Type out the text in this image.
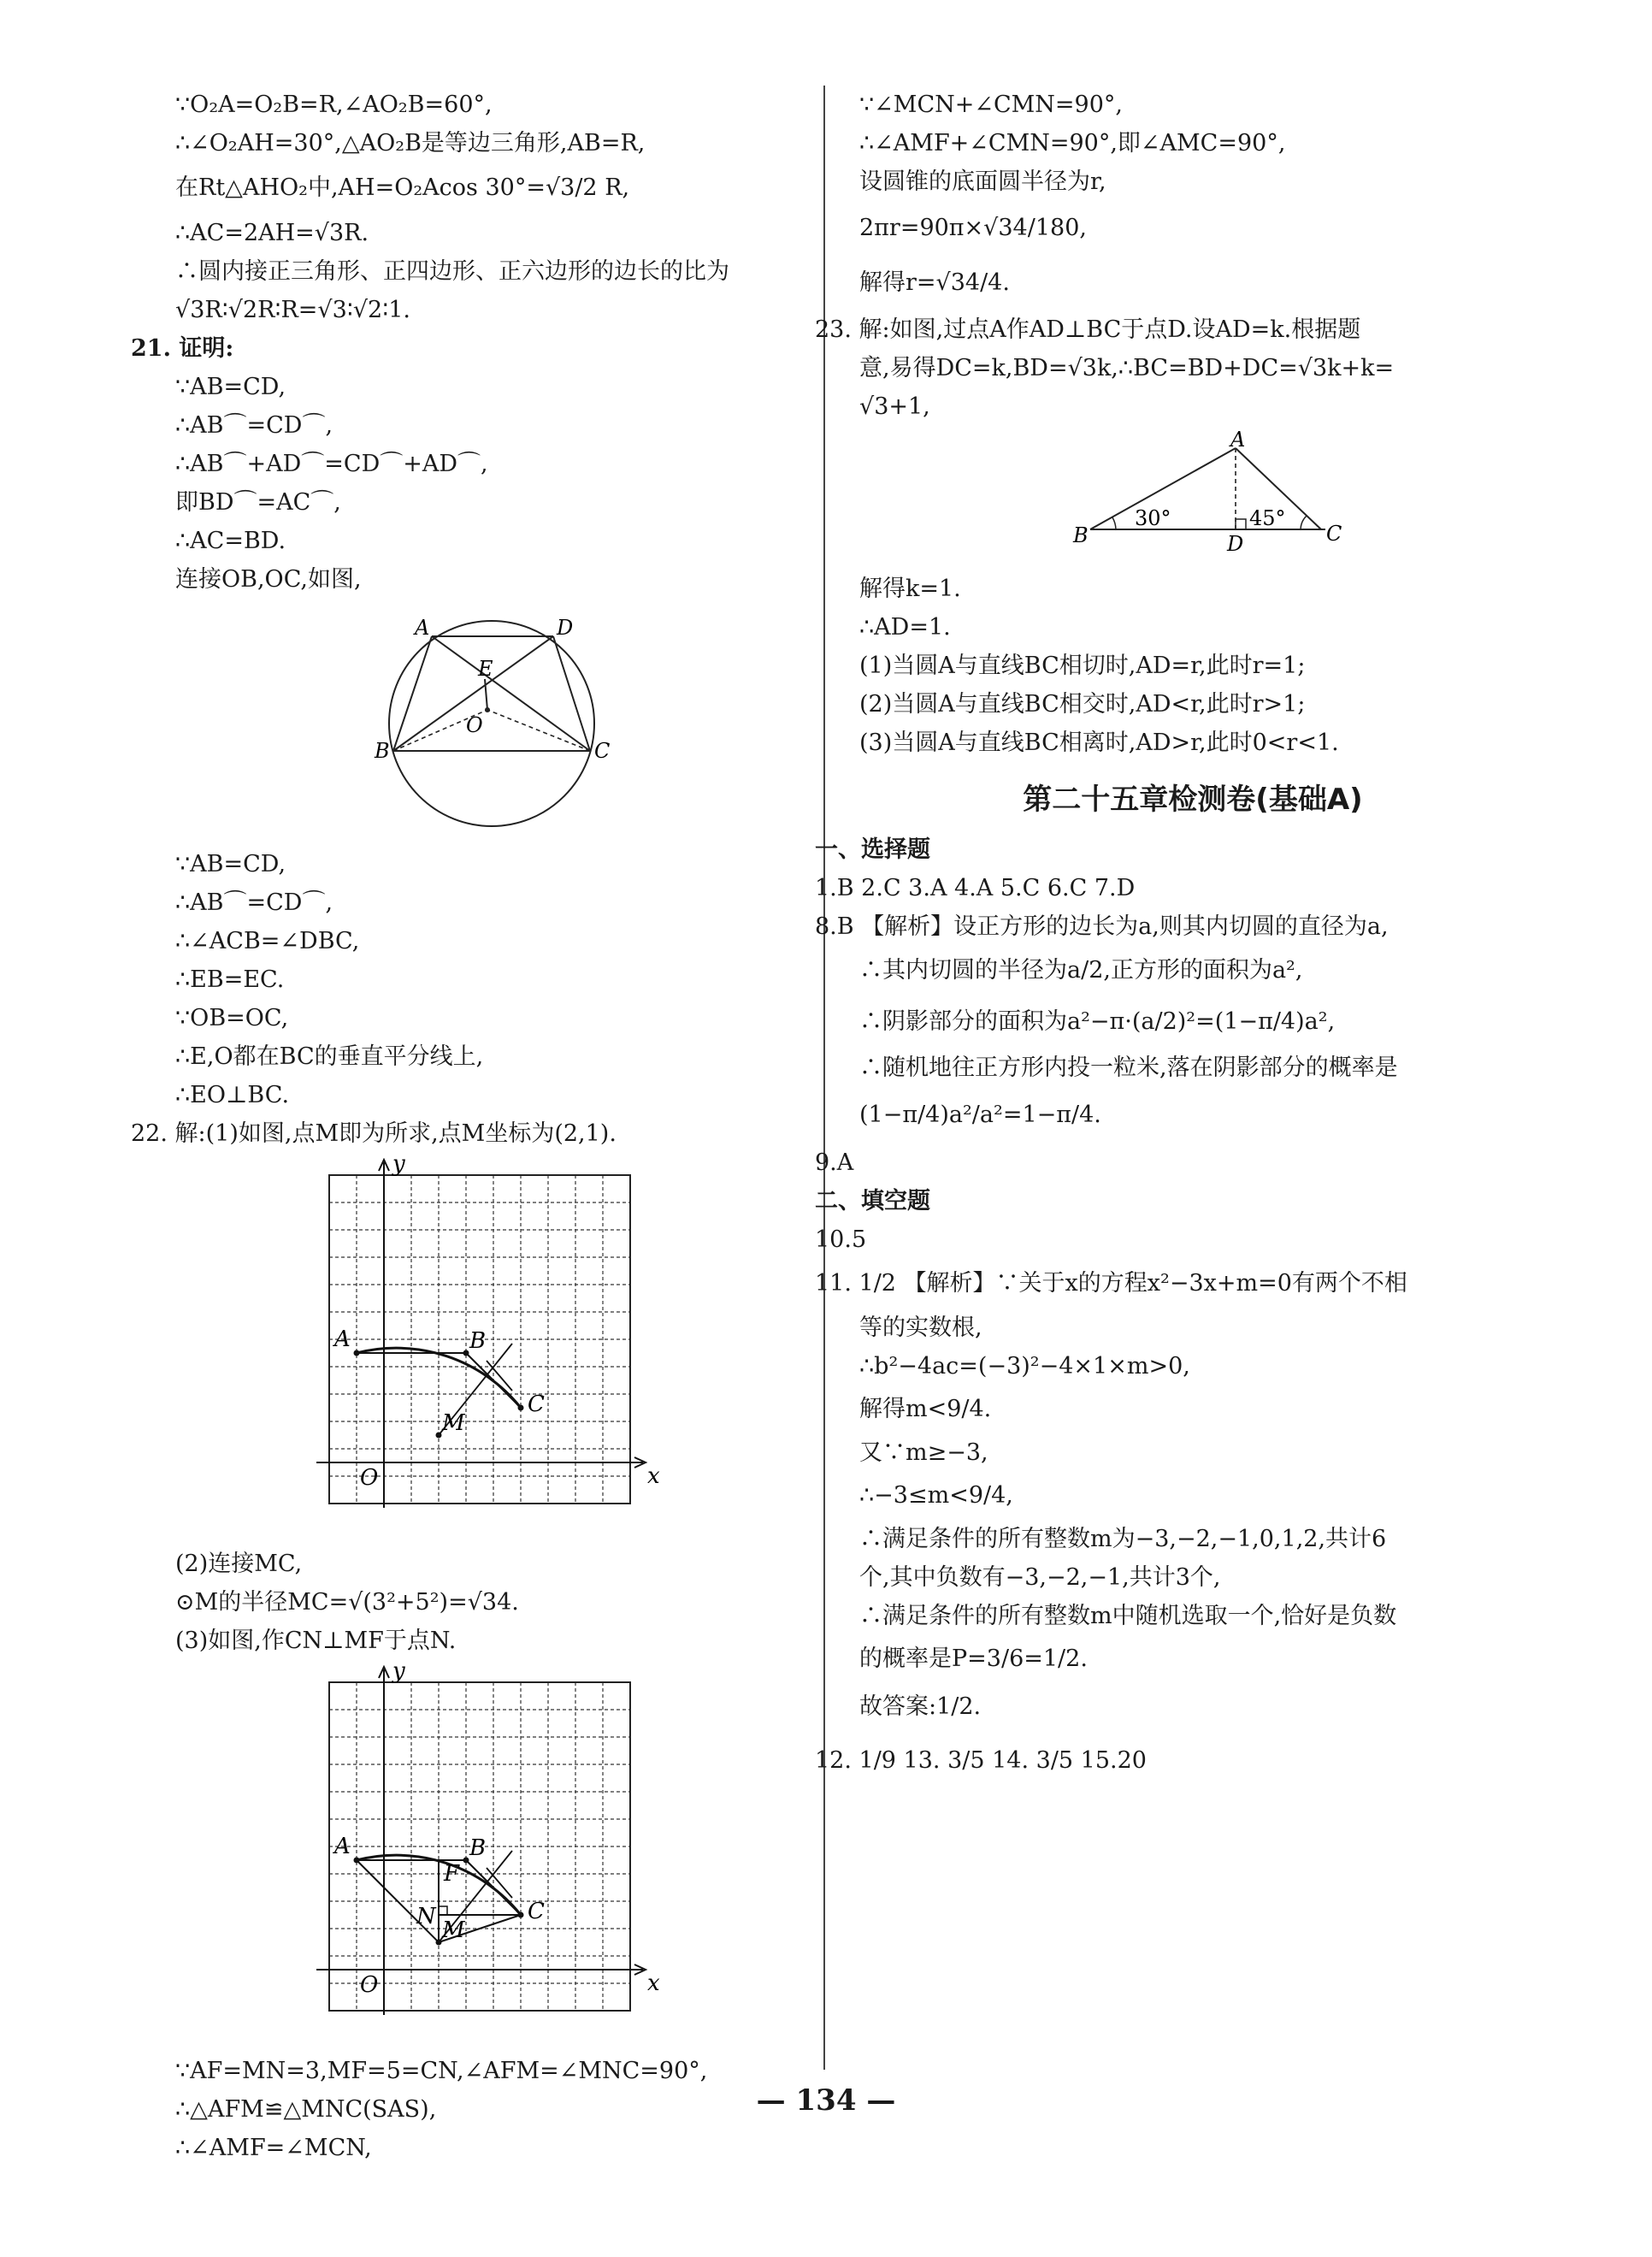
∵O₂A=O₂B=R,∠AO₂B=60°,
∴∠O₂AH=30°,△AO₂B是等边三角形,AB=R,
在Rt△AHO₂中,AH=O₂Acos 30°=√3/2 R,
∴AC=2AH=√3R.
∴圆内接正三角形、正四边形、正六边形的边长的比为
√3R∶√2R∶R=√3∶√2∶1.
21. 证明:
∵AB=CD,
∴AB⌒=CD⌒,
∴AB⌒+AD⌒=CD⌒+AD⌒,
即BD⌒=AC⌒,
∴AC=BD.
连接OB,OC,如图,
A	D
B	C
E
O
∵AB=CD,
∴AB⌒=CD⌒,
∴∠ACB=∠DBC,
∴EB=EC.
∵OB=OC,
∴E,O都在BC的垂直平分线上,
∴EO⊥BC.
22. 解:(1)如图,点M即为所求,点M坐标为(2,1).
y
x
O
A	B
C
M
(2)连接MC,
⊙M的半径MC=√(3²+5²)=√34.
(3)如图,作CN⊥MF于点N.
y
x
O
A	B
C
M
F
N
∵AF=MN=3,MF=5=CN,∠AFM=∠MNC=90°,
∴△AFM≌△MNC(SAS),
∴∠AMF=∠MCN,
∵∠MCN+∠CMN=90°,
∴∠AMF+∠CMN=90°,即∠AMC=90°,
设圆锥的底面圆半径为r,
2πr=90π×√34/180,
解得r=√34/4.
23. 解:如图,过点A作AD⊥BC于点D.设AD=k.根据题
意,易得DC=k,BD=√3k,∴BC=BD+DC=√3k+k=
√3+1,
A
B	C
D
30°	45°
解得k=1.
∴AD=1.
(1)当圆A与直线BC相切时,AD=r,此时r=1;
(2)当圆A与直线BC相交时,AD<r,此时r>1;
(3)当圆A与直线BC相离时,AD>r,此时0<r<1.
第二十五章检测卷(基础A)
一、选择题
1.B 2.C 3.A 4.A 5.C 6.C 7.D
8.B 【解析】设正方形的边长为a,则其内切圆的直径为a,
∴其内切圆的半径为a/2,正方形的面积为a²,
∴阴影部分的面积为a²−π·(a/2)²=(1−π/4)a²,
∴随机地往正方形内投一粒米,落在阴影部分的概率是
(1−π/4)a²/a²=1−π/4.
9.A
二、填空题
10.5
11. 1/2 【解析】∵关于x的方程x²−3x+m=0有两个不相
等的实数根,
∴b²−4ac=(−3)²−4×1×m>0,
解得m<9/4.
又∵m≥−3,
∴−3≤m<9/4,
∴满足条件的所有整数m为−3,−2,−1,0,1,2,共计6
个,其中负数有−3,−2,−1,共计3个,
∴满足条件的所有整数m中随机选取一个,恰好是负数
的概率是P=3/6=1/2.
故答案:1/2.
12. 1/9 13. 3/5 14. 3/5 15.20
— 134 —
